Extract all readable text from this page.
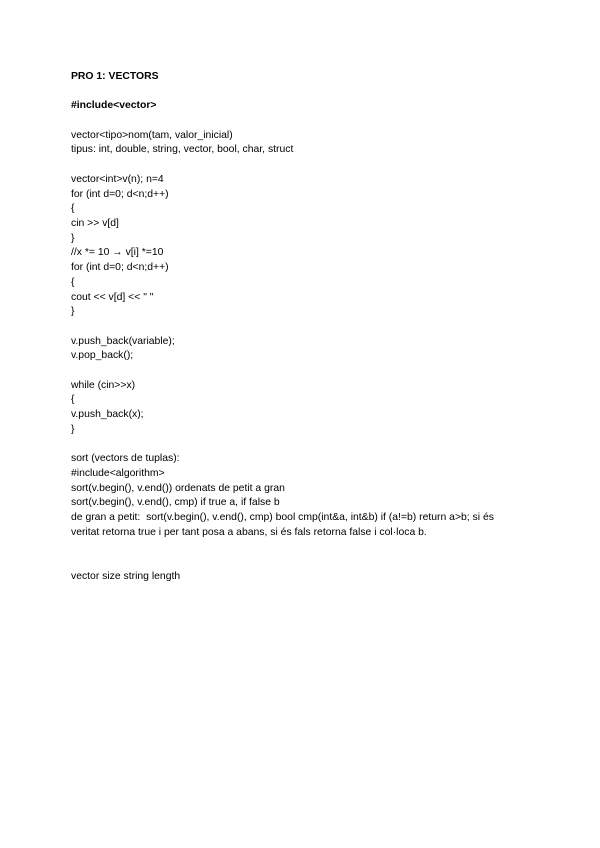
PRO 1: VECTORS
#include<vector>
vector<tipo>nom(tam, valor_inicial)
tipus: int, double, string, vector, bool, char, struct
vector<int>v(n); n=4
for (int d=0; d<n;d++)
{
cin >> v[d]
}
//x *= 10 → v[i] *=10
for (int d=0; d<n;d++)
{
cout << v[d] << " "
}
v.push_back(variable);
v.pop_back();
while (cin>>x)
{
v.push_back(x);
}
sort (vectors de tuplas):
#include<algorithm>
sort(v.begin(), v.end()) ordenats de petit a gran
sort(v.begin(), v.end(), cmp) if true a, if false b
de gran a petit:  sort(v.begin(), v.end(), cmp) bool cmp(int&a, int&b) if (a!=b) return a>b; si és
veritat retorna true i per tant posa a abans, si és fals retorna false i col·loca b.
vector size string length
